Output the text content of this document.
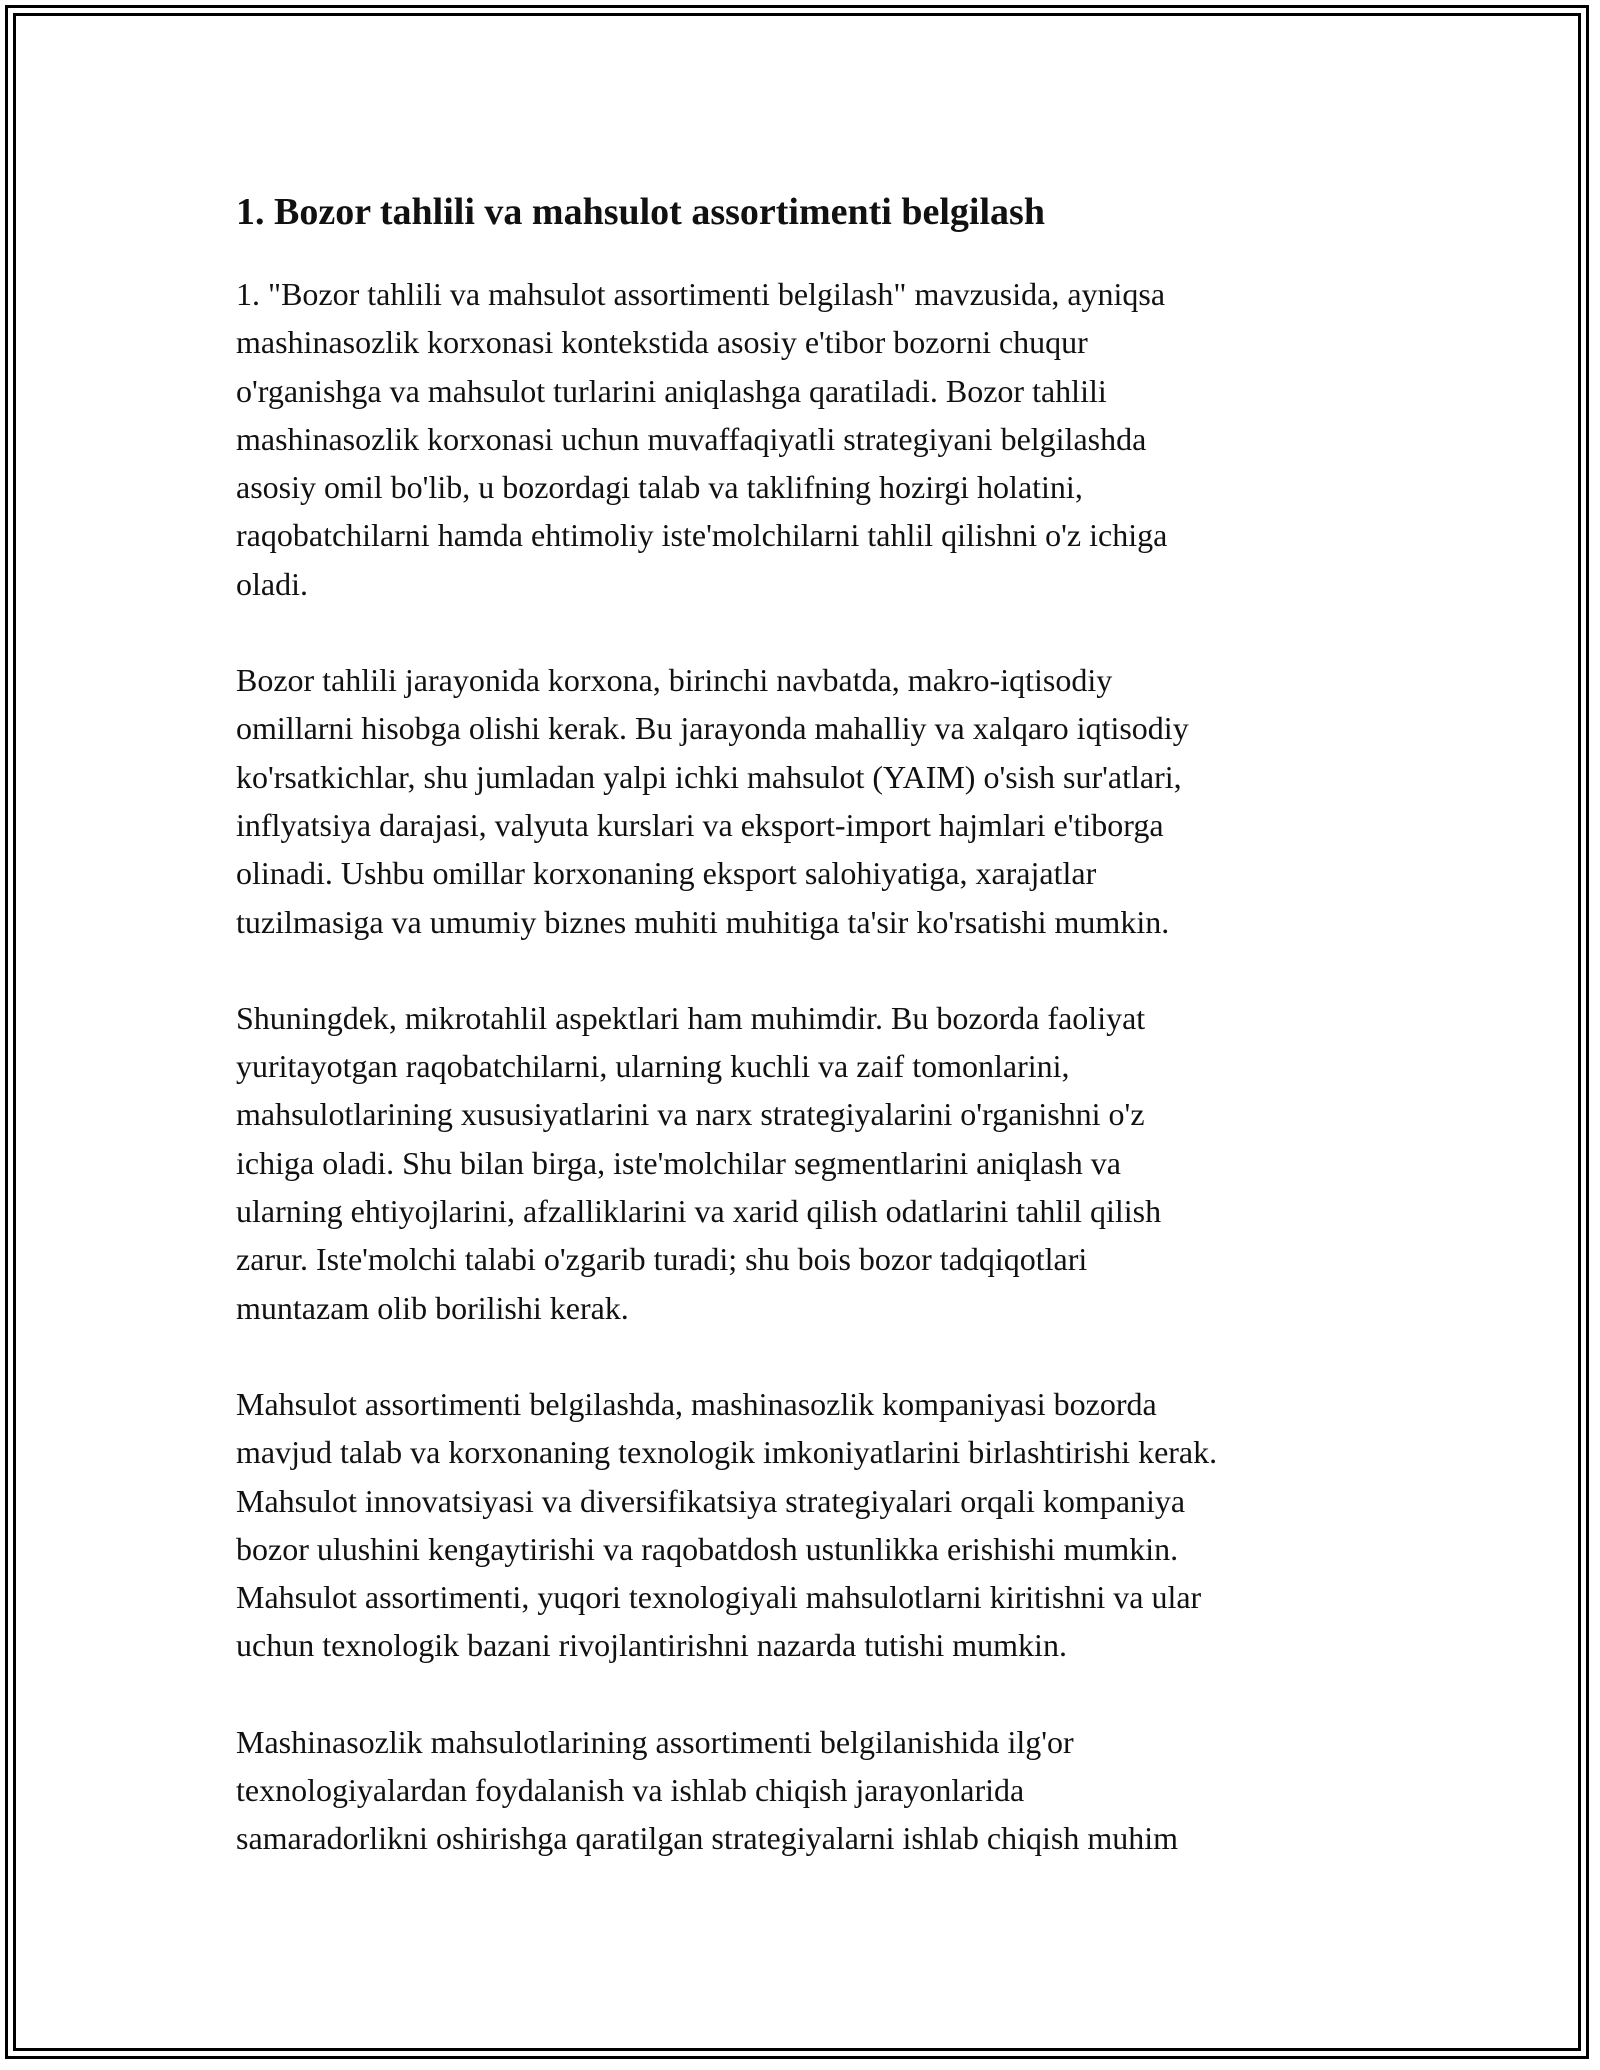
1. Bozor tahlili va mahsulot assortimenti belgilash

1. "Bozor tahlili va mahsulot assortimenti belgilash" mavzusida, ayniqsa
mashinasozlik korxonasi kontekstida asosiy e'tibor bozorni chuqur
o'rganishga va mahsulot turlarini aniqlashga qaratiladi. Bozor tahlili
mashinasozlik korxonasi uchun muvaffaqiyatli strategiyani belgilashda
asosiy omil bo'lib, u bozordagi talab va taklifning hozirgi holatini,
raqobatchilarni hamda ehtimoliy iste'molchilarni tahlil qilishni o'z ichiga
oladi.

Bozor tahlili jarayonida korxona, birinchi navbatda, makro-iqtisodiy
omillarni hisobga olishi kerak. Bu jarayonda mahalliy va xalqaro iqtisodiy
ko'rsatkichlar, shu jumladan yalpi ichki mahsulot (YAIM) o'sish sur'atlari,
inflyatsiya darajasi, valyuta kurslari va eksport-import hajmlari e'tiborga
olinadi. Ushbu omillar korxonaning eksport salohiyatiga, xarajatlar
tuzilmasiga va umumiy biznes muhiti muhitiga ta'sir ko'rsatishi mumkin.

Shuningdek, mikrotahlil aspektlari ham muhimdir. Bu bozorda faoliyat
yuritayotgan raqobatchilarni, ularning kuchli va zaif tomonlarini,
mahsulotlarining xususiyatlarini va narx strategiyalarini o'rganishni o'z
ichiga oladi. Shu bilan birga, iste'molchilar segmentlarini aniqlash va
ularning ehtiyojlarini, afzalliklarini va xarid qilish odatlarini tahlil qilish
zarur. Iste'molchi talabi o'zgarib turadi; shu bois bozor tadqiqotlari
muntazam olib borilishi kerak.

Mahsulot assortimenti belgilashda, mashinasozlik kompaniyasi bozorda
mavjud talab va korxonaning texnologik imkoniyatlarini birlashtirishi kerak.
Mahsulot innovatsiyasi va diversifikatsiya strategiyalari orqali kompaniya
bozor ulushini kengaytirishi va raqobatdosh ustunlikka erishishi mumkin.
Mahsulot assortimenti, yuqori texnologiyali mahsulotlarni kiritishni va ular
uchun texnologik bazani rivojlantirishni nazarda tutishi mumkin.

Mashinasozlik mahsulotlarining assortimenti belgilanishida ilg'or
texnologiyalardan foydalanish va ishlab chiqish jarayonlarida
samaradorlikni oshirishga qaratilgan strategiyalarni ishlab chiqish muhim
